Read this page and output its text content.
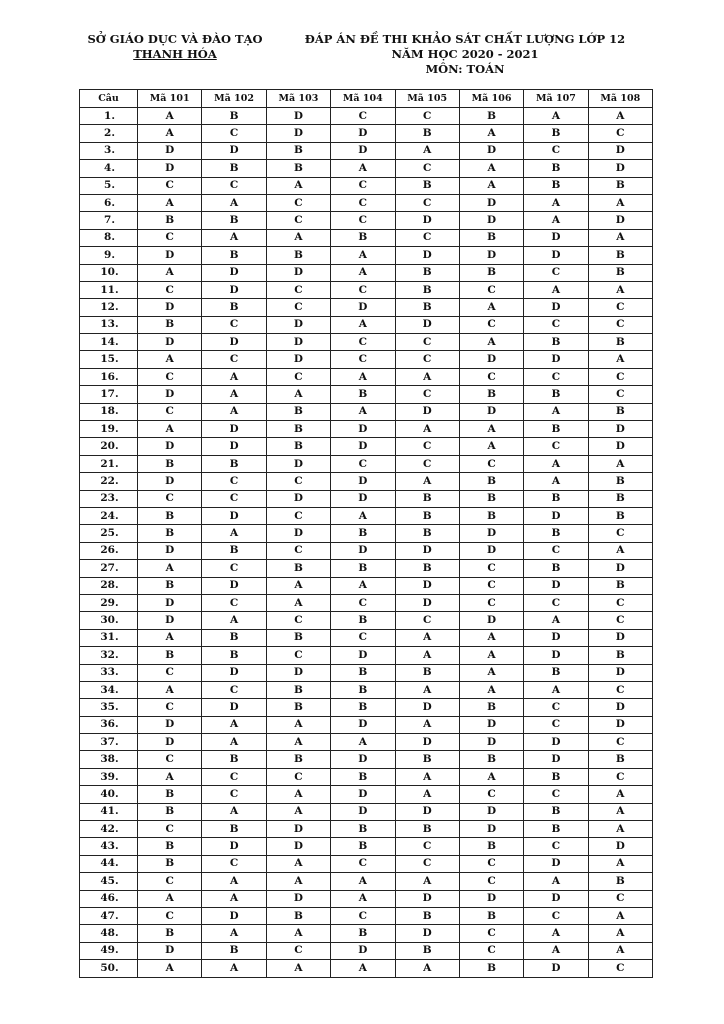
SỞ GIÁO DỤC VÀ ĐÀO TẠO
THANH HÓA
ĐÁP ÁN ĐỀ THI KHẢO SÁT CHẤT LƯỢNG LỚP 12
NĂM HỌC 2020 - 2021
MÔN: TOÁN
Câu	Mã 101	Mã 102	Mã 103	Mã 104	Mã 105	Mã 106	Mã 107	Mã 108
1.	A	B	D	C	C	B	A	A
2.	A	C	D	D	B	A	B	C
3.	D	D	B	D	A	D	C	D
4.	D	B	B	A	C	A	B	D
5.	C	C	A	C	B	A	B	B
6.	A	A	C	C	C	D	A	A
7.	B	B	C	C	D	D	A	D
8.	C	A	A	B	C	B	D	A
9.	D	B	B	A	D	D	D	B
10.	A	D	D	A	B	B	C	B
11.	C	D	C	C	B	C	A	A
12.	D	B	C	D	B	A	D	C
13.	B	C	D	A	D	C	C	C
14.	D	D	D	C	C	A	B	B
15.	A	C	D	C	C	D	D	A
16.	C	A	C	A	A	C	C	C
17.	D	A	A	B	C	B	B	C
18.	C	A	B	A	D	D	A	B
19.	A	D	B	D	A	A	B	D
20.	D	D	B	D	C	A	C	D
21.	B	B	D	C	C	C	A	A
22.	D	C	C	D	A	B	A	B
23.	C	C	D	D	B	B	B	B
24.	B	D	C	A	B	B	D	B
25.	B	A	D	B	B	D	B	C
26.	D	B	C	D	D	D	C	A
27.	A	C	B	B	B	C	B	D
28.	B	D	A	A	D	C	D	B
29.	D	C	A	C	D	C	C	C
30.	D	A	C	B	C	D	A	C
31.	A	B	B	C	A	A	D	D
32.	B	B	C	D	A	A	D	B
33.	C	D	D	B	B	A	B	D
34.	A	C	B	B	A	A	A	C
35.	C	D	B	B	D	B	C	D
36.	D	A	A	D	A	D	C	D
37.	D	A	A	A	D	D	D	C
38.	C	B	B	D	B	B	D	B
39.	A	C	C	B	A	A	B	C
40.	B	C	A	D	A	C	C	A
41.	B	A	A	D	D	D	B	A
42.	C	B	D	B	B	D	B	A
43.	B	D	D	B	C	B	C	D
44.	B	C	A	C	C	C	D	A
45.	C	A	A	A	A	C	A	B
46.	A	A	D	A	D	D	D	C
47.	C	D	B	C	B	B	C	A
48.	B	A	A	B	D	C	A	A
49.	D	B	C	D	B	C	A	A
50.	A	A	A	A	A	B	D	C
